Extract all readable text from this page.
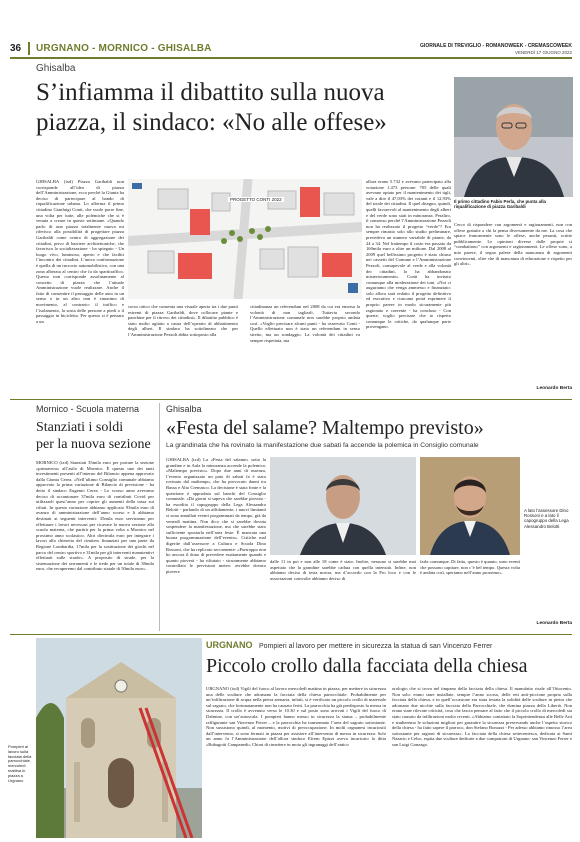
36 URGNANO - MORNICO - GHISALBA	GIORNALE DI TREVIGLIO - ROMANOWEEK - CREMASCOWEEK
VENERDÌ 17 GIUGNO 2022
Ghisalba
S’infiamma il dibattito sulla nuova
piazza, il sindaco: «No alle offese»
Il primo cittadino Fabio Perla, che punta alla riqualificazione di piazza Garibaldi
GHISALBA (ixd) Piazza Garibaldi non corrisponde all’idea di piazza dell’Amministrazione, ecco perché la Giunta ha deciso di partecipare al bando di riqualificazione urbana. Lo afferma il primo cittadino Gianluigi Conti, che vuole porre fine, una volta per tutte, alle polemiche che si è venuta a creare in queste settimane. «Quando parlo di una piazza totalmente nuova mi riferisco alla possibilità di progettare piazza Garibaldi come centro di aggregazione dei cittadini, privo di barriere architettoniche, che favorisca la socializzazione - ha spiegato - Un luogo vivo, luminoso, aperto e che faciliti l’incontro dei cittadini. L’unica conformazione è quella di un incrocio automobilistico, con una zona alberata al centro che fa da spartitraffico. Questo non corrisponde assolutamente al concetto di piazza che l’attuale Amministrazione vuole realizzare. Anche il fatto di consentire il passaggio delle auto in un senso o in un altro non è sinonimo di movimento, al contrario: il traffico e l’isolamento, la sosta delle persone a piedi o il passaggio in bicicletta. Per questo si è pensato a un
PROGETTO CONTI 2022
corso ottico che consenta una visuale aperta tra i due punti estremi di piazza Garibaldi, dove collocare piante e panchine per il ritrovo dei cittadini». Il dibattito pubblico è stato molto agitato a causa dell’operato di abbattimento degli alberi. Il sindaco ha sottolineato che per l’Amministrazione Pezzoli abbia sottoposto alla
cittadinanza un referendum nel 2008 da cui era emersa la volontà di non tagliarli. Tuttavia secondo l’Amministrazione comunale non sarebbe proprio andata così. «Voglio precisare alcuni punti - ha osservato Conti - Quello effettuato non è stato un referendum in senso stretto, ma un sondaggio. La volontà dei cittadini va sempre rispettata, ma
allora erano 5.732 e avevano partecipato alla votazione 1.473 persone: 705 delle quali avevano optato per il mantenimento dei tigli, vale a dire il 47,03% dei votanti e il 12,93% del totale dei cittadini. Il quel disegno, quindi, quelli favorevoli al mantenimento degli alberi e del verde sono stati in minoranza. Peraltro, il consenso perché l’Amministrazione Pezzoli non ha realizzato il progetto “verde”? Era sempre rimasto solo allo studio preliminare, prevedeva un numero variabile di piante, da 24 a 34. Nel frattempo il costo era passato da 160mila euro a oltre un milione. Dal 2008 al 2009 quel bellissimo progetto è stato chiuso nei cassetti del Comune e l’Amministrazione Pezzoli, consapevole al verde e alla volontà dei cittadini, lo ha abbandonato misteriosamente». Conti ha invitato comunque alla moderazione dei toni. «Noi ci auguriamo che venga ammesso e finanziato: solo allora sarà redatto il progetto definitivo ed esecutivo e ciascuno potrà esprimere il proprio parere in modo sicuramente più ragionato e coerente - ha concluso - Con queste, voglio precisare che io rispetto comunque le critiche, da qualunque parte provengano.
Cerco di rispondere con argomenti e ragionamenti, non con offese gratuite a chi la pensa diversamente da me. La cosa che spiace francamente sono le offese, anche pesanti, scritte pubblicamente. Le opinioni diverse dalle proprie si “combattono” con argomenti e ragionamenti. Le offese sono, a mio parere, il segno palese della mancanza di argomenti convincenti, oltre che di mancanza di educazione e rispetto per gli altri».
Leonardo Berta
Mornico - Scuola materna
Stanziati i soldi
per la nuova sezione
MORNICO (ixd) Stanziati 35mila euro per portare la sezione «primavera» all’asilo di Mornico. È questo uno dei tanti investimenti presenti all’interno del Bilancio appena approvato dalla Giunta Cerea. «Nell’ultimo Consiglio comunale abbiamo approvato la prima variazione di Bilancio di previsione - ha detto il sindaco Eugenio Cerea - Lo scorso anno avevamo deciso di accantonare 37mila euro di contributi Covid per utilizzarli quest’anno per coprire gli aumenti della tassa sui rifiuti. In questa variazione abbiamo applicato 93mila euro di avanzo di amministrazione dell’anno scorso e li abbiamo destinati ai seguenti interventi: 35mila euro serviranno per effettuare i lavori necessari per ricavare la nuova sezione alla scuola materna, che partirà per la prima volta a Mornico nel prossimo anno scolastico. Altri diecimila euro per integrare i lavori alla chiesetta del cimitero finanziati per una parte da Regione Lombardia, 17mila per la sostituzione dei giochi nel parco del centro sportivo e 31mila per gli interventi manutentivi effettuati sulle strade». A proposito di strade, per la sistemazione dei serramenti e le trede per un totale di 38mila euro, che recuperemo dal contributo statale di 50mila euro».
Ghisalba
«Festa del salame? Maltempo previsto»
La grandinata che ha rovinato la manifestazione due sabati fa accende la polemica in Consiglio comunale
GHISALBA (ixd) La «Festa del salame» sotto la grandine e in Aula la minoranza accende la polemica: «Maltempo previsto». Dopo due anni di assenza, l’evento organizzato un paio di sabati fa è stato rovinato dal maltempo, che ha provocato danni tra Bassa e Alto Cremasco. La decisione è stata fonte e la questione è approdata sul banchi del Consiglio comunale. «Da giorni si sapeva che sarebbe piovuto - ha esordito il capogruppo della Lega Alessandro Belotti - parlando di un affidamento: i nuovi limitanti si sono annullati eventi programmati da tempo, già da venerdì mattina. Non dico che si sarebbe dovuta sospendere la manifestazione, ma che sarebbe stato sufficiente spostarla nell’area feste. È mancata una buona programmazione dell’evento». Critiche mal digerite dall’assessore a Cultura e Scuola Dino Rossoni, che ha replicato seccamente: «Purtroppo non ho ancora il dono di prevedere esattamente quando e quanto pioverà - ha rifiutato - sicuramente abbiamo controllato le previsioni meteo: avrebbe dovuto piovere
A lato l’assessore Dino Rossoni e a lato il capogruppo della Lega Alessandro Belotti
dalle 11 in poi e non alle 18 come è stato. Inoltre, nessuno si sarebbe mai aspettato che la grandine sarebbe caduta con quella intensità. Infine, non abbiamo deciso di testa nostra, ma d’accordo con la Pro loco e con le associazioni coinvolte abbiamo deciso di
farla comunque. Di fatto, questo è quanto, sono eventi che possono capitare, non c’è bel tempo. Questa volta è andata così, speriamo nell’anno prossimo».
Leonardo Berta
Pompieri al lavoro sulla facciata della parrocchiale, mercoledì mattina in piazza a Urgnano
URGNANO Pompieri al lavoro per mettere in sicurezza la statua di san Vincenzo Ferrer
Piccolo crollo dalla facciata della chiesa
URGNANO (ixd) Vigili del fuoco al lavoro mercoledì mattina in piazza, per mettere in sicurezza una delle sculture che adornano la facciata della chiesa parrocchiale. Probabilmente per un’infiltrazione di acqua nella pietra arenaria, infatti, si è verificato un piccolo crollo di materiale sul sagrato, che fortunatamente non ha causato feriti. La parrocchia ha già predisposto la messa in sicurezza. Il crollo è avvenuto verso le 10.30 e sul posto sono arrivati i Vigili del fuoco di Dalmine, con un’autoscala. I pompieri hanno messo in sicurezza la statua – probabilmente raffigurante san Vincenzo Ferrer – e la parrocchia ha transennato l’area del sagrato sottostante. Non sussistono quindi, al momento, motivi di preoccupazione. In molti orgnanesi incuriositi dall’intervento, si sono fermati in piazza per assistere all’intervento di messa in sicurezza. Solo un anno fa l’Amministrazione dell’allora sindaco Efrem Epizzi aveva incaricato la ditta «Rubagotti Campanedi» Chiari di rimettere in moto gli ingranaggi dell’antico
orologio che si trova nel timpano della facciata della chiesa. Il manufatto risale all’Ottocento. Non solo: erano stare installate, sempre l’anno scorso, delle reti anti-piccione proprio sulla facciata della chiesa, e in quell’occasione era stata testata la solidità delle sculture in pietra che adornano due nicchie sulla facciata della Parrocchiale, che domina piazza della Libertà. Non erano state rilevate criticità, cosa che lascia pensare al fatto che il piccolo crollo di mercoledì sia stato causato da infiltrazioni molto recenti. «Abbiamo contattato la Soprintendenza alle Belle Arti e studieremo le soluzioni migliori per garantire la sicurezza preservando anche l’aspetto storico della chiesa - ha fatto sapere il parroco, don Stefano Bonazzi - Per adesso abbiamo rimosso l’area sottostante per ragioni di sicurezza». La facciata della chiesa settecentesca, dedicata ai Santi Nazario e Celso, espita due sculture dedicate a due compatroni di Urgnano: san Vincenzo Ferrer e san Luigi Gonzaga.
